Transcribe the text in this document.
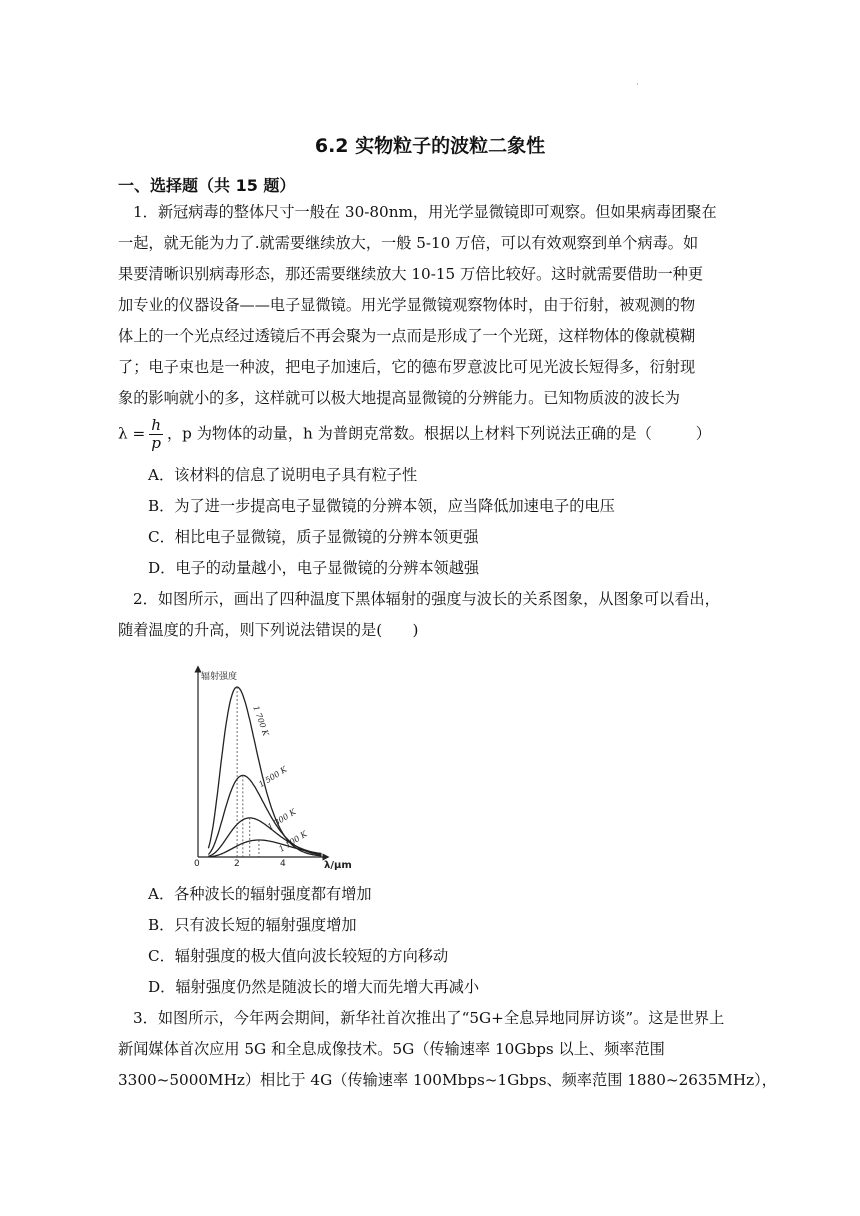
·
6.2 实物粒子的波粒二象性
一、选择题（共 15 题）
1．新冠病毒的整体尺寸一般在 30-80nm，用光学显微镜即可观察。但如果病毒团聚在
一起，就无能为力了.就需要继续放大，一般 5-10 万倍，可以有效观察到单个病毒。如
果要清晰识别病毒形态，那还需要继续放大 10-15 万倍比较好。这时就需要借助一种更
加专业的仪器设备——电子显微镜。用光学显微镜观察物体时，由于衍射，被观测的物
体上的一个光点经过透镜后不再会聚为一点而是形成了一个光斑，这样物体的像就模糊
了；电子束也是一种波，把电子加速后，它的德布罗意波比可见光波长短得多，衍射现
象的影响就小的多，这样就可以极大地提高显微镜的分辨能力。已知物质波的波长为
$\lambda = \frac{h}{p}$ ，p 为物体的动量，h 为普朗克常数。根据以上材料下列说法正确的是（	）
A．该材料的信息了说明电子具有粒子性
B．为了进一步提高电子显微镜的分辨本领，应当降低加速电子的电压
C．相比电子显微镜，质子显微镜的分辨本领更强
D．电子的动量越小，电子显微镜的分辨本领越强
2．如图所示，画出了四种温度下黑体辐射的强度与波长的关系图象，从图象可以看出，
随着温度的升高，则下列说法错误的是(　　)
辐射强度
λ/μm
0	2	4
1 700 K
1 500 K
1 300 K
1 100 K
A．各种波长的辐射强度都有增加
B．只有波长短的辐射强度增加
C．辐射强度的极大值向波长较短的方向移动
D．辐射强度仍然是随波长的增大而先增大再减小
3．如图所示，今年两会期间，新华社首次推出了“5G+全息异地同屏访谈”。这是世界上
新闻媒体首次应用 5G 和全息成像技术。5G（传输速率 10Gbps 以上、频率范围
3300~5000MHz）相比于 4G（传输速率 100Mbps~1Gbps、频率范围 1880~2635MHz），
